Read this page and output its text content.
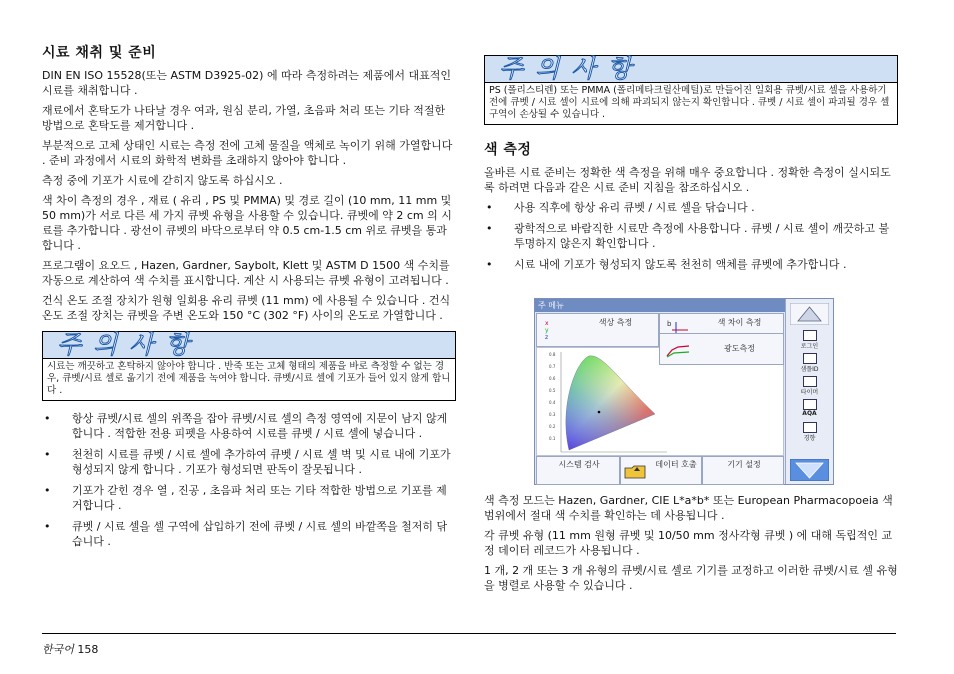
시료 채취 및 준비

DIN EN ISO 15528(또는 ASTM D3925-02) 에 따라 측정하려는 제품에서 대표적인 시료를 채취합니다 .

재료에서 혼탁도가 나타날 경우 여과, 원심 분리, 가열, 초음파 처리 또는 기타 적절한 방법으로 혼탁도를 제거합니다 .

부분적으로 고체 상태인 시료는 측정 전에 고체 물질을 액체로 녹이기 위해 가열합니다 . 준비 과정에서 시료의 화학적 변화를 초래하지 않아야 합니다 .

측정 중에 기포가 시료에 갇히지 않도록 하십시오 .

색 차이 측정의 경우 , 재료 ( 유리 , PS 및 PMMA) 및 경로 길이 (10 mm, 11 mm 및 50 mm)가 서로 다른 세 가지 큐벳 유형을 사용할 수 있습니다. 큐벳에 약 2 cm 의 시료를 추가합니다 . 광선이 큐벳의 바닥으로부터 약 0.5 cm-1.5 cm 위로 큐벳을 통과합니다 .

프로그램이 요오드 , Hazen, Gardner, Saybolt, Klett 및 ASTM D 1500 색 수치를 자동으로 계산하여 색 수치를 표시합니다. 계산 시 사용되는 큐벳 유형이 고려됩니다 .

건식 온도 조절 장치가 원형 일회용 유리 큐벳 (11 mm) 에 사용될 수 있습니다 . 건식 온도 조절 장치는 큐벳을 주변 온도와 150 °C (302 °F) 사이의 온도로 가열합니다 .

주 의 사 항
시료는 깨끗하고 혼탁하지 않아야 합니다 . 반죽 또는 고체 형태의 제품을 바로 측정할 수 없는 경우, 큐벳/시료 셀로 옮기기 전에 제품을 녹여야 합니다. 큐벳/시료 셀에 기포가 들어 있지 않게 합니다 .
• 항상 큐벳/시료 셀의 위쪽을 잡아 큐벳/시료 셀의 측정 영역에 지문이 남지 않게 합니다 . 적합한 전용 피펫을 사용하여 시료를 큐벳 / 시료 셀에 넣습니다 .
• 천천히 시료를 큐벳 / 시료 셀에 추가하여 큐벳 / 시료 셀 벽 및 시료 내에 기포가 형성되지 않게 합니다 . 기포가 형성되면 판독이 잘못됩니다 .
• 기포가 갇힌 경우 열 , 진공 , 초음파 처리 또는 기타 적합한 방법으로 기포를 제거합니다 .
• 큐벳 / 시료 셀을 셀 구역에 삽입하기 전에 큐벳 / 시료 셀의 바깥쪽을 철저히 닦습니다 .
주 의 사 항
PS (폴리스티렌) 또는 PMMA (폴리메타크릴산메틸)로 만들어진 일회용 큐벳/시료 셀을 사용하기 전에 큐벳 / 시료 셀이 시료에 의해 파괴되지 않는지 확인합니다 . 큐벳 / 시료 셀이 파괴될 경우 셀 구역이 손상될 수 있습니다 .
색 측정

올바른 시료 준비는 정확한 색 측정을 위해 매우 중요합니다 . 정확한 측정이 실시되도록 하려면 다음과 같은 시료 준비 지침을 참조하십시오 .

• 사용 직후에 항상 유리 큐벳 / 시료 셀을 닦습니다 .
• 광학적으로 바람직한 시료만 측정에 사용합니다 . 큐벳 / 시료 셀이 깨끗하고 불투명하지 않은지 확인합니다 .
• 시료 내에 기포가 형성되지 않도록 천천히 액체를 큐벳에 추가합니다 .
주 메뉴
x
y
z
색상 측정	b	색 차이 측정
광도측정
0.8
0.7
0.6
0.5
0.4
0.3
0.2
0.1
시스템 검사	데이터 호출	기기 설정
로그인
샘플ID
타이머
AQA
경향

색 측정 모드는 Hazen, Gardner, CIE L*a*b* 또는 European Pharmacopoeia 색 범위에서 절대 색 수치를 확인하는 데 사용됩니다 .

각 큐벳 유형 (11 mm 원형 큐벳 및 10/50 mm 정사각형 큐벳 ) 에 대해 독립적인 교정 데이터 레코드가 사용됩니다 .

1 개, 2 개 또는 3 개 유형의 큐벳/시료 셀로 기기를 교정하고 이러한 큐벳/시료 셀 유형을 병렬로 사용할 수 있습니다 .

한국어 158
